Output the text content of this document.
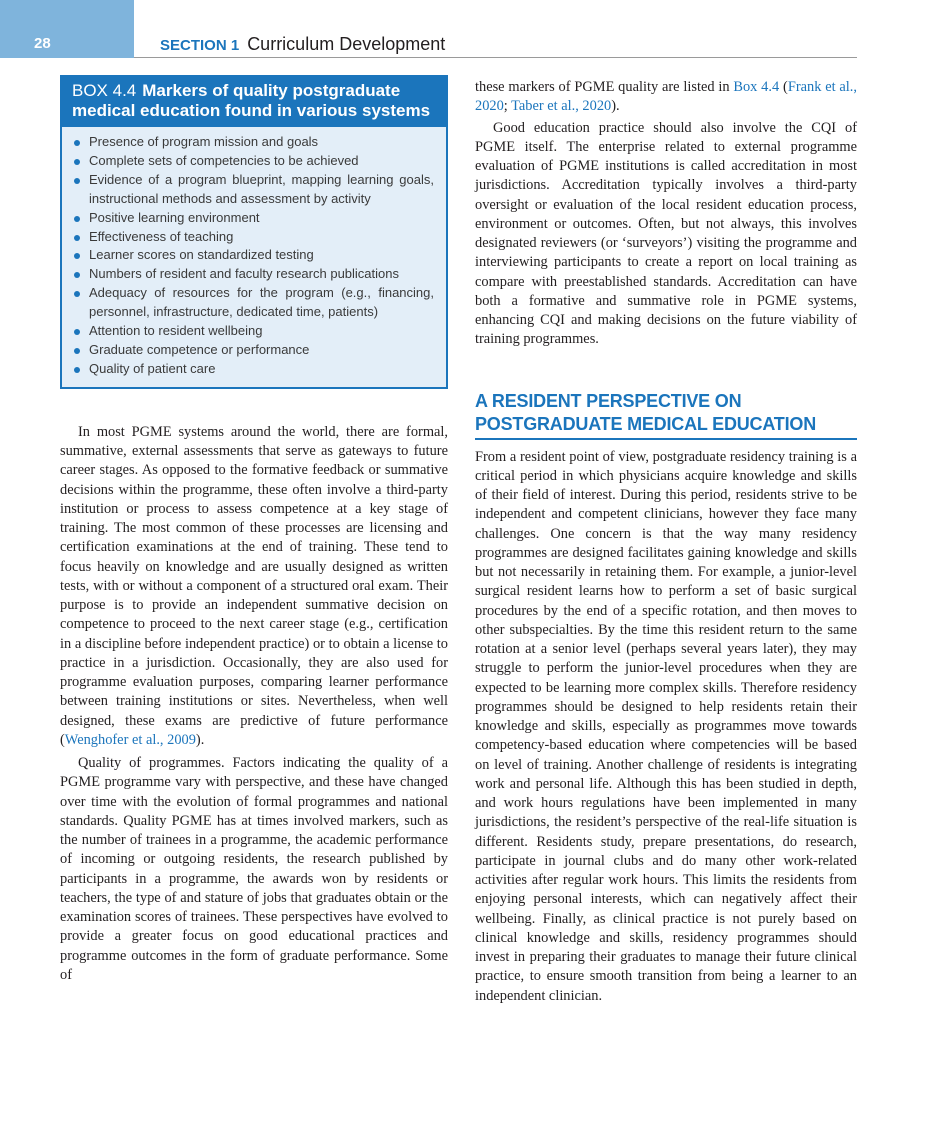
28	SECTION 1 Curriculum Development
BOX 4.4 Markers of quality postgraduate medical education found in various systems
Presence of program mission and goals
Complete sets of competencies to be achieved
Evidence of a program blueprint, mapping learning goals, instructional methods and assessment by activity
Positive learning environment
Effectiveness of teaching
Learner scores on standardized testing
Numbers of resident and faculty research publications
Adequacy of resources for the program (e.g., financing, personnel, infrastructure, dedicated time, patients)
Attention to resident wellbeing
Graduate competence or performance
Quality of patient care

In most PGME systems around the world, there are formal, summative, external assessments that serve as gateways to future career stages. As opposed to the formative feedback or summative decisions within the programme, these often involve a third-party institution or process to assess competence at a key stage of training. The most common of these processes are licensing and certification examinations at the end of training. These tend to focus heavily on knowledge and are usually designed as written tests, with or without a component of a structured oral exam. Their purpose is to provide an independent summative decision on competence to proceed to the next career stage (e.g., certification in a discipline before independent practice) or to obtain a license to practice in a jurisdiction. Occasionally, they are also used for programme evaluation purposes, comparing learner performance between training institutions or sites. Nevertheless, when well designed, these exams are predictive of future performance (Wenghofer et al., 2009).

Quality of programmes. Factors indicating the quality of a PGME programme vary with perspective, and these have changed over time with the evolution of formal programmes and national standards. Quality PGME has at times involved markers, such as the number of trainees in a programme, the academic performance of incoming or outgoing residents, the research published by participants in a programme, the awards won by residents or teachers, the type of and stature of jobs that graduates obtain or the examination scores of trainees. These perspectives have evolved to provide a greater focus on good educational practices and programme outcomes in the form of graduate performance. Some of

these markers of PGME quality are listed in Box 4.4 (Frank et al., 2020; Taber et al., 2020).

Good education practice should also involve the CQI of PGME itself. The enterprise related to external programme evaluation of PGME institutions is called accreditation in most jurisdictions. Accreditation typically involves a third-party oversight or evaluation of the local resident education process, environment or outcomes. Often, but not always, this involves designated reviewers (or ‘surveyors’) visiting the programme and interviewing participants to create a report on local training as compare with preestablished standards. Accreditation can have both a formative and summative role in PGME systems, enhancing CQI and making decisions on the future viability of training programmes.

A RESIDENT PERSPECTIVE ON POSTGRADUATE MEDICAL EDUCATION

From a resident point of view, postgraduate residency training is a critical period in which physicians acquire knowledge and skills of their field of interest. During this period, residents strive to be independent and competent clinicians, however they face many challenges. One concern is that the way many residency programmes are designed facilitates gaining knowledge and skills but not necessarily in retaining them. For example, a junior-level surgical resident learns how to perform a set of basic surgical procedures by the end of a specific rotation, and then moves to other subspecialties. By the time this resident return to the same rotation at a senior level (perhaps several years later), they may struggle to perform the junior-level procedures when they are expected to be learning more complex skills. Therefore residency programmes should be designed to help residents retain their knowledge and skills, especially as programmes move towards competency-based education where competencies will be based on level of training. Another challenge of residents is integrating work and personal life. Although this has been studied in depth, and work hours regulations have been implemented in many jurisdictions, the resident’s perspective of the real-life situation is different. Residents study, prepare presentations, do research, participate in journal clubs and do many other work-related activities after regular work hours. This limits the residents from enjoying personal interests, which can negatively affect their wellbeing. Finally, as clinical practice is not purely based on clinical knowledge and skills, residency programmes should invest in preparing their graduates to manage their future clinical practice, to ensure smooth transition from being a learner to an independent clinician.
